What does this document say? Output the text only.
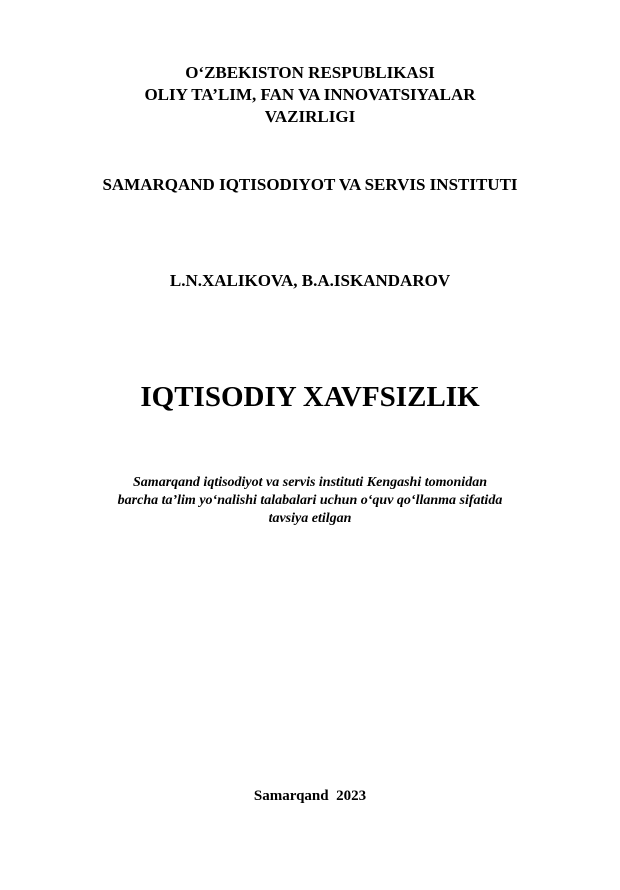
O‘ZBEKISTON RESPUBLIKASI
OLIY TA’LIM, FAN VA INNOVATSIYALAR
VAZIRLIGI
SAMARQAND IQTISODIYOT VA SERVIS INSTITUTI
L.N.XALIKOVA, B.A.ISKANDAROV
IQTISODIY XAVFSIZLIK
Samarqand iqtisodiyot va servis instituti Kengashi tomonidan
barcha ta’lim yo‘nalishi talabalari uchun o‘quv qo‘llanma sifatida
tavsiya etilgan
Samarqand  2023
